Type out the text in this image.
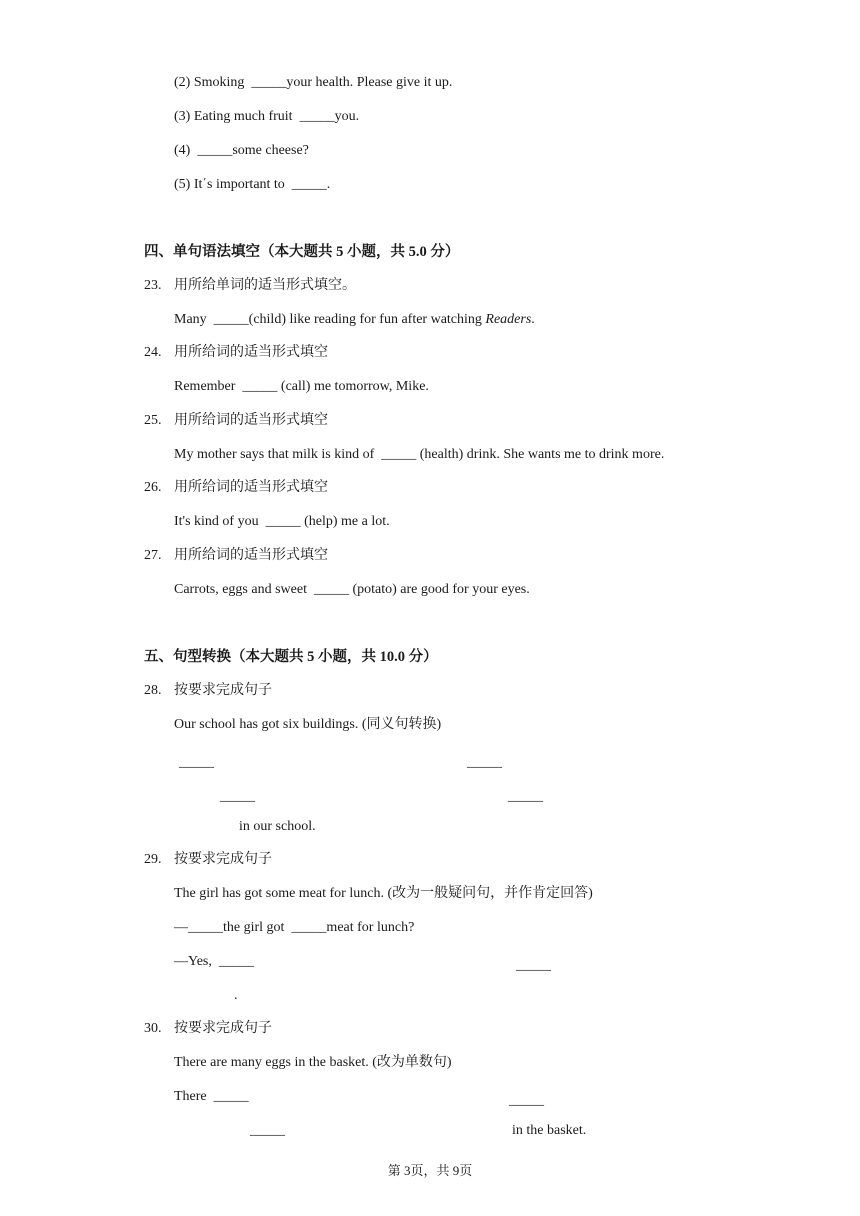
(2) Smoking  _____your health. Please give it up.
(3) Eating much fruit  _____you.
(4)  _____some cheese?
(5) It΄s important to  _____.
四、单句语法填空（本大题共 5 小题，共 5.0 分）
23. 用所给单词的适当形式填空。
Many  _____(child) like reading for fun after watching Readers.
24. 用所给词的适当形式填空
Remember  _____ (call) me tomorrow, Mike.
25. 用所给词的适当形式填空
My mother says that milk is kind of  _____ (health) drink. She wants me to drink more.
26. 用所给词的适当形式填空
It's kind of you  _____ (help) me a lot.
27. 用所给词的适当形式填空
Carrots, eggs and sweet  _____ (potato) are good for your eyes.
五、句型转换（本大题共 5 小题，共 10.0 分）
28. 按要求完成句子
Our school has got six buildings. (同义句转换)
_____	_____
_____	_____
in our school.
29. 按要求完成句子
The girl has got some meat for lunch. (改为一般疑问句，并作肯定回答)
—_____the girl got  _____meat for lunch?
—Yes,  _____	_____
.
30. 按要求完成句子
There are many eggs in the basket. (改为单数句)
There  _____	_____
_____	in the basket.
第 3页，共 9页
